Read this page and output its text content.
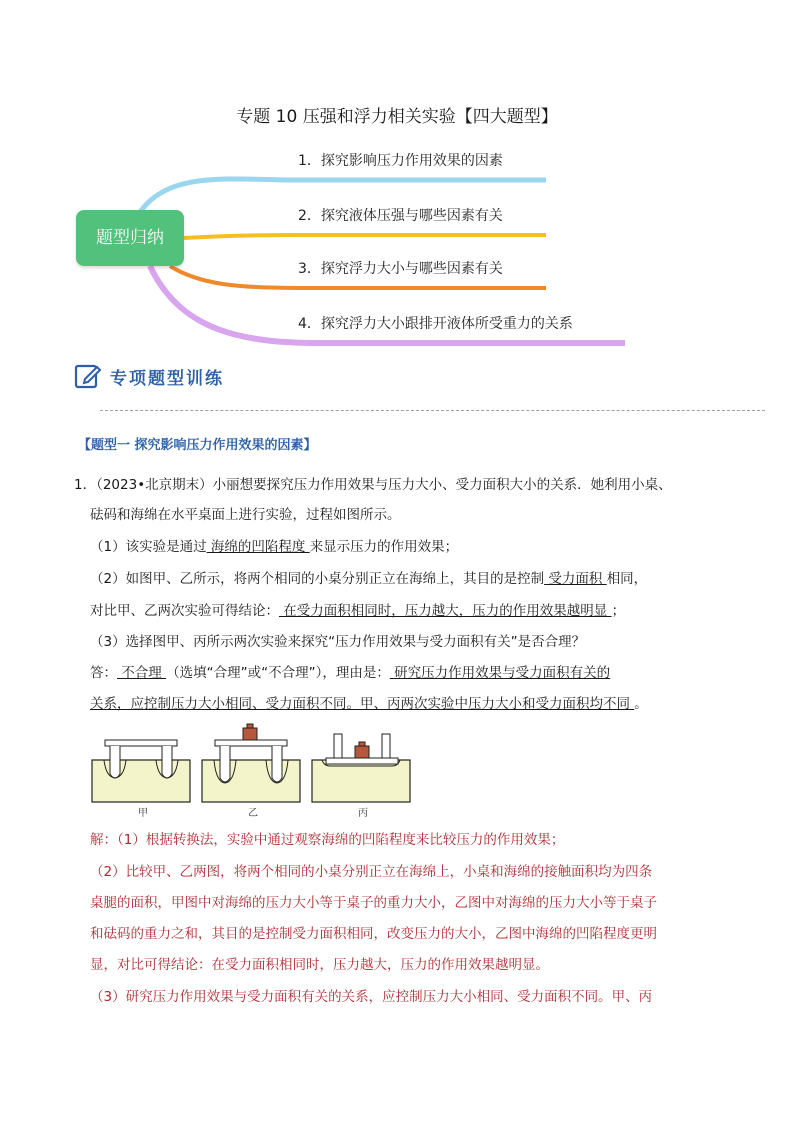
专题 10 压强和浮力相关实验【四大题型】
题型归纳
1．探究影响压力作用效果的因素
2．探究液体压强与哪些因素有关
3．探究浮力大小与哪些因素有关
4．探究浮力大小跟排开液体所受重力的关系
专项题型训练
【题型一 探究影响压力作用效果的因素】
1．（2023•北京期末）小丽想要探究压力作用效果与压力大小、受力面积大小的关系．她利用小桌、
砝码和海绵在水平桌面上进行实验，过程如图所示。
（1）该实验是通过 海绵的凹陷程度 来显示压力的作用效果；
（2）如图甲、乙所示，将两个相同的小桌分别正立在海绵上，其目的是控制 受力面积 相同，
对比甲、乙两次实验可得结论： 在受力面积相同时，压力越大，压力的作用效果越明显 ；
（3）选择图甲、丙所示两次实验来探究“压力作用效果与受力面积有关”是否合理？
答： 不合理 （选填“合理”或“不合理”），理由是： 研究压力作用效果与受力面积有关的
关系，应控制压力大小相同、受力面积不同。甲、丙两次实验中压力大小和受力面积均不同 。
甲	乙	丙
解：（1）根据转换法，实验中通过观察海绵的凹陷程度来比较压力的作用效果；
（2）比较甲、乙两图，将两个相同的小桌分别正立在海绵上，小桌和海绵的接触面积均为四条
桌腿的面积，甲图中对海绵的压力大小等于桌子的重力大小，乙图中对海绵的压力大小等于桌子
和砝码的重力之和，其目的是控制受力面积相同，改变压力的大小，乙图中海绵的凹陷程度更明
显，对比可得结论：在受力面积相同时，压力越大，压力的作用效果越明显。
（3）研究压力作用效果与受力面积有关的关系，应控制压力大小相同、受力面积不同。甲、丙
